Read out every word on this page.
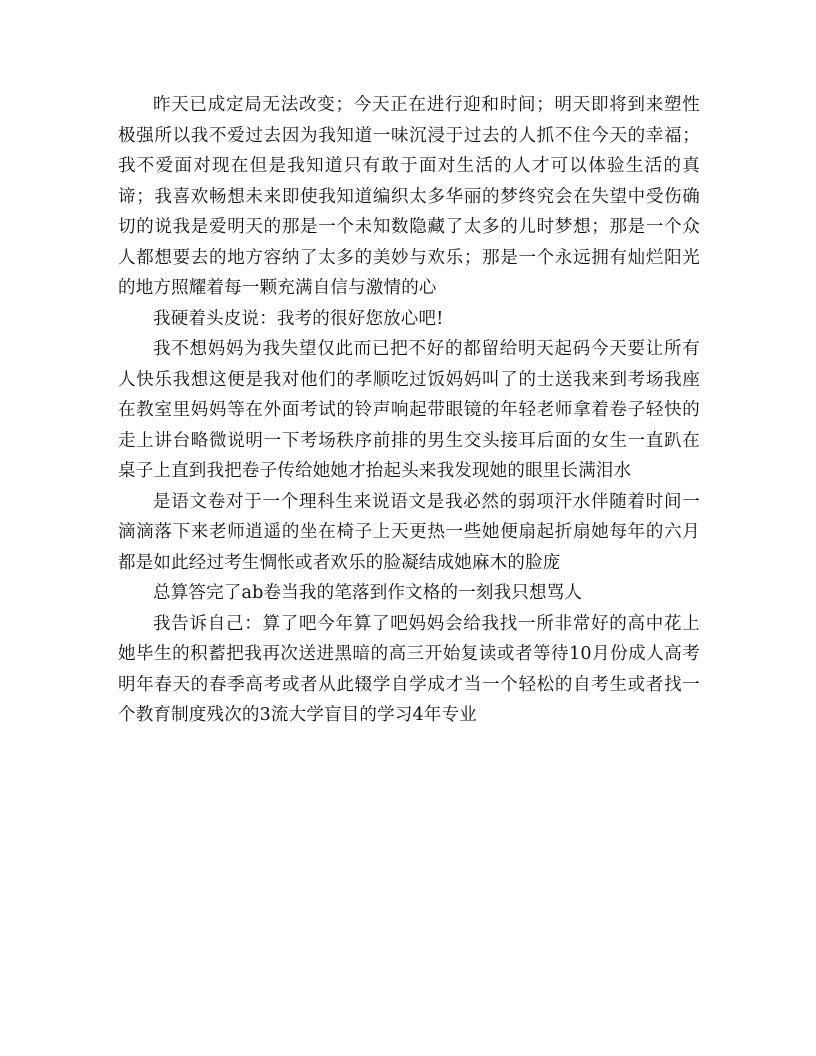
昨天已成定局无法改变；今天正在进行迎和时间；明天即将到来塑性极强所以我不爱过去因为我知道一味沉浸于过去的人抓不住今天的幸福；我不爱面对现在但是我知道只有敢于面对生活的人才可以体验生活的真谛；我喜欢畅想未来即使我知道编织太多华丽的梦终究会在失望中受伤确切的说我是爱明天的那是一个未知数隐藏了太多的儿时梦想；那是一个众人都想要去的地方容纳了太多的美妙与欢乐；那是一个永远拥有灿烂阳光的地方照耀着每一颗充满自信与激情的心

我硬着头皮说：我考的很好您放心吧!

我不想妈妈为我失望仅此而已把不好的都留给明天起码今天要让所有人快乐我想这便是我对他们的孝顺吃过饭妈妈叫了的士送我来到考场我座在教室里妈妈等在外面考试的铃声响起带眼镜的年轻老师拿着卷子轻快的走上讲台略微说明一下考场秩序前排的男生交头接耳后面的女生一直趴在桌子上直到我把卷子传给她她才抬起头来我发现她的眼里长满泪水

是语文卷对于一个理科生来说语文是我必然的弱项汗水伴随着时间一滴滴落下来老师逍遥的坐在椅子上天更热一些她便扇起折扇她每年的六月都是如此经过考生惆怅或者欢乐的脸凝结成她麻木的脸庞

总算答完了ab卷当我的笔落到作文格的一刻我只想骂人

我告诉自己：算了吧今年算了吧妈妈会给我找一所非常好的高中花上她毕生的积蓄把我再次送进黑暗的高三开始复读或者等待10月份成人高考明年春天的春季高考或者从此辍学自学成才当一个轻松的自考生或者找一个教育制度残次的3流大学盲目的学习4年专业
